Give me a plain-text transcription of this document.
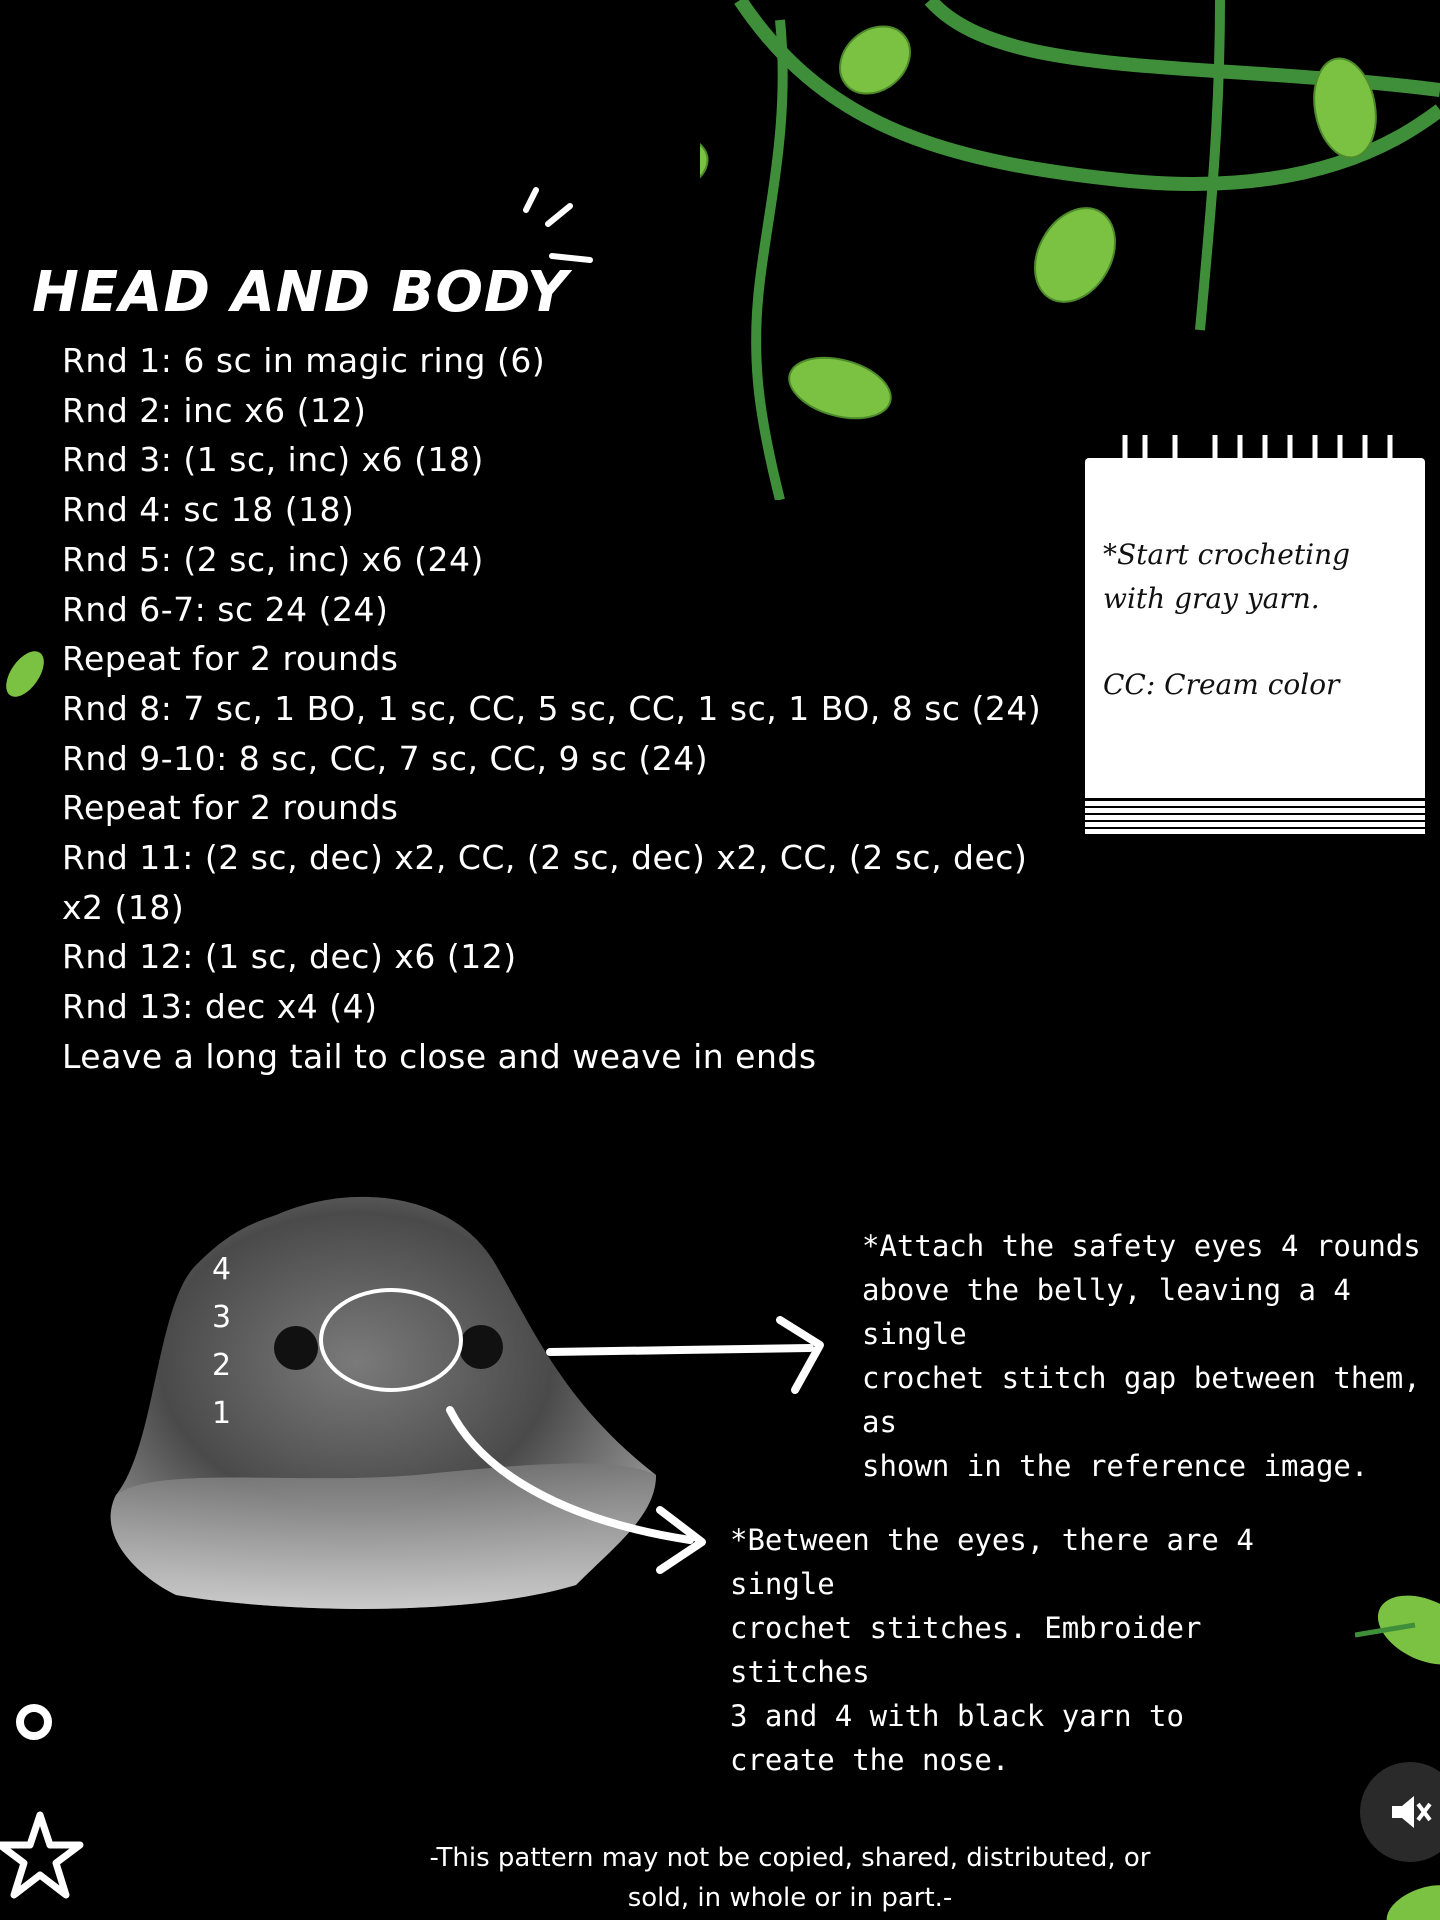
HEAD AND BODY
Rnd 1: 6 sc in magic ring (6)
Rnd 2: inc x6 (12)
Rnd 3: (1 sc, inc) x6 (18)
Rnd 4: sc 18 (18)
Rnd 5: (2 sc, inc) x6 (24)
Rnd 6-7: sc 24 (24)
Repeat for 2 rounds
Rnd 8: 7 sc, 1 BO, 1 sc, CC, 5 sc, CC, 1 sc, 1 BO, 8 sc (24)
Rnd 9-10: 8 sc, CC, 7 sc, CC, 9 sc (24)
Repeat for 2 rounds
Rnd 11: (2 sc, dec) x2, CC, (2 sc, dec) x2, CC, (2 sc, dec)
x2 (18)
Rnd 12: (1 sc, dec) x6 (12)
Rnd 13: dec x4 (4)
Leave a long tail to close and weave in ends
*Start crocheting
with gray yarn.
CC: Cream color
4
3
2
1
*Attach the safety eyes 4 rounds
above the belly, leaving a 4 single
crochet stitch gap between them, as
shown in the reference image.
*Between the eyes, there are 4 single
crochet stitches. Embroider stitches
3 and 4 with black yarn to
create the nose.
-This pattern may not be copied, shared, distributed, or
sold, in whole or in part.-
